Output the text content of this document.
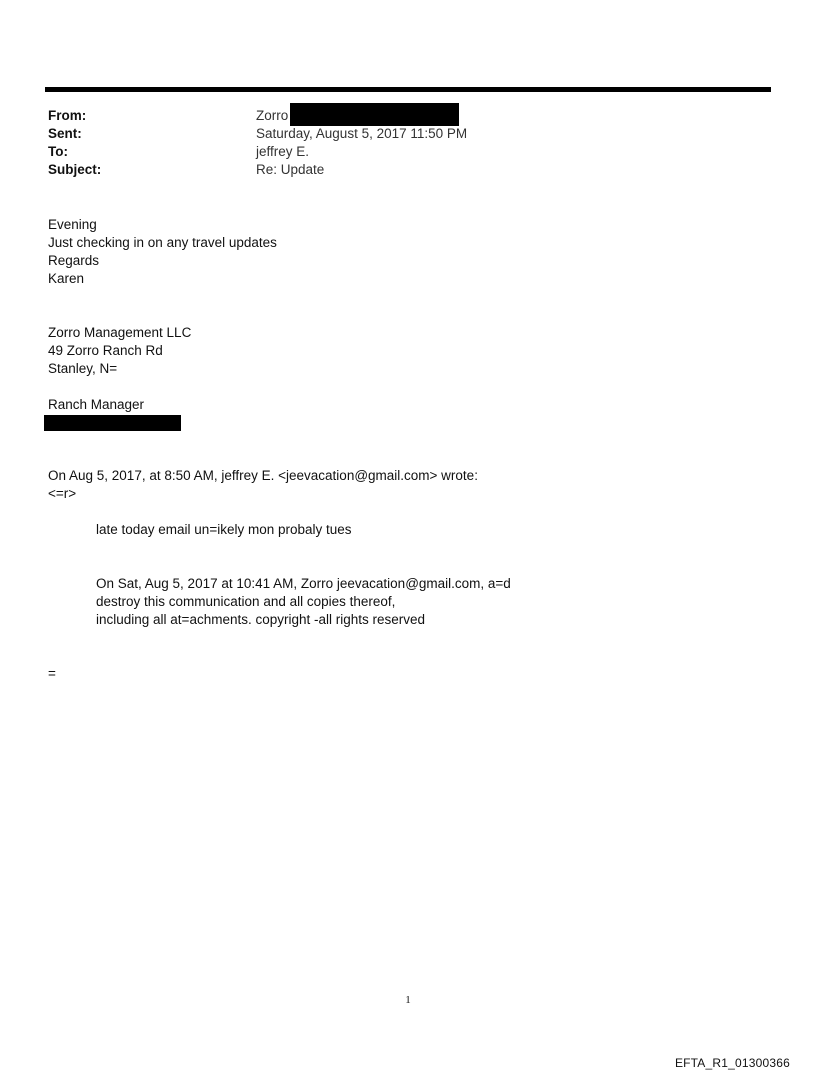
From:	Zorro
Sent:	Saturday, August 5, 2017 11:50 PM
To:	jeffrey E.
Subject:	Re: Update
Evening
Just checking in on any travel updates
Regards
Karen
Zorro Management LLC
49 Zorro Ranch Rd
Stanley, N=
Ranch Manager
On Aug 5, 2017, at 8:50 AM, jeffrey E. <jeevacation@gmail.com> wrote:
<=r>
late today email un=ikely mon probaly tues
On Sat, Aug 5, 2017 at 10:41 AM, Zorro jeevacation@gmail.com, a=d
destroy this communication and all copies thereof,
including all at=achments. copyright -all rights reserved
=
1
EFTA_R1_01300366
